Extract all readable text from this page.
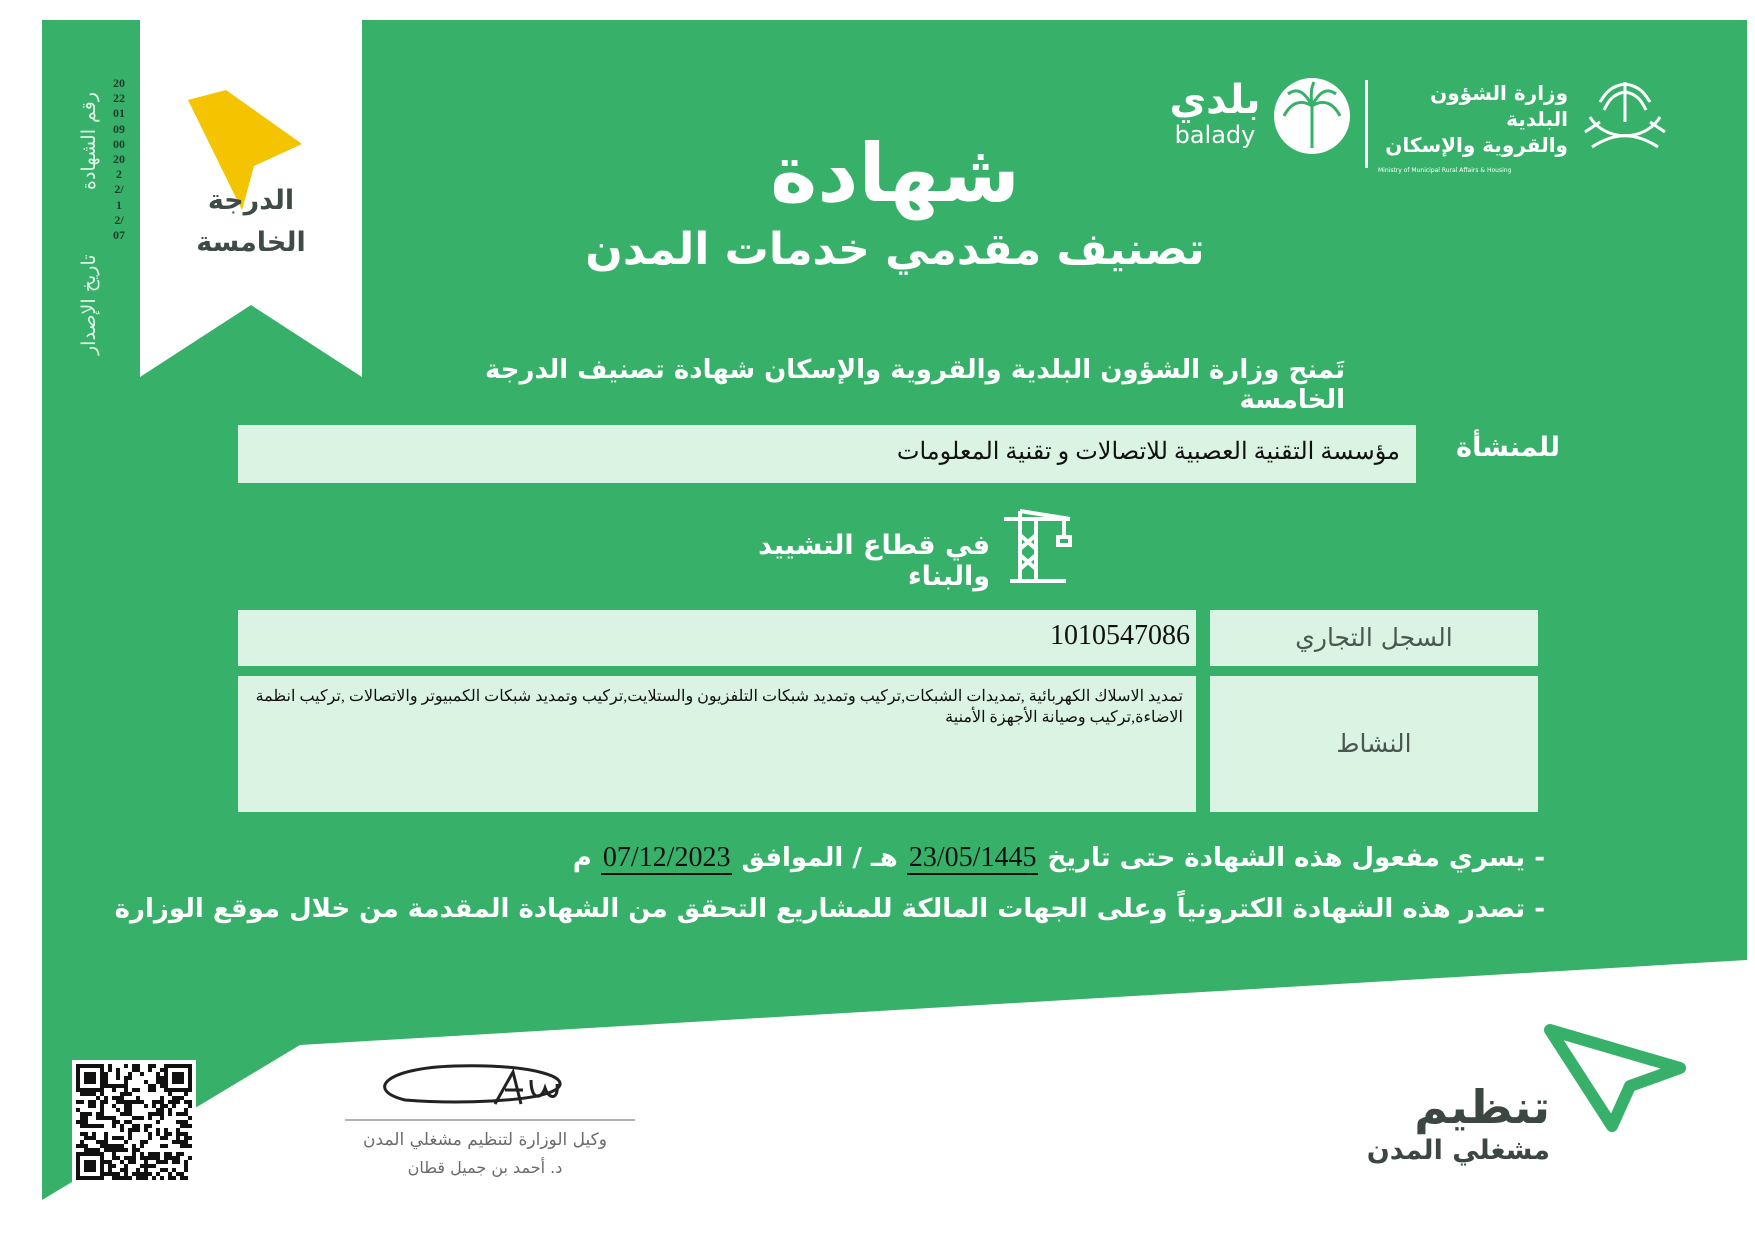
رقم الشهادة
تاريخ الإصدار
2022010900 2022/12/07
الدرجة
الخامسة
شهادة
تصنيف مقدمي خدمات المدن
وزارة الشؤون البلدية
والقروية والإسكان
Ministry of Municipal Rural Affairs & Housing
بلدي
balady
تَمنح وزارة الشؤون البلدية والقروية والإسكان شهادة تصنيف الدرجة الخامسة
للمنشأة
مؤسسة التقنية العصبية للاتصالات و تقنية المعلومات
في قطاع التشييد والبناء
1010547086	السجل التجاري
تمديد الاسلاك الكهربائية ,تمديدات الشبكات,تركيب وتمديد شبكات التلفزيون والستلايت,تركيب وتمديد شبكات الكمبيوتر والاتصالات ,تركيب انظمة الاضاءة,تركيب وصيانة الأجهزة الأمنية
النشاط
- يسري مفعول هذه الشهادة حتى تاريخ 23/05/1445 هـ / الموافق 07/12/2023 م
- تصدر هذه الشهادة الكترونياً وعلى الجهات المالكة للمشاريع التحقق من الشهادة المقدمة من خلال موقع الوزارة
وكيل الوزارة لتنظيم مشغلي المدن
د. أحمد بن جميل قطان
تنظيم
مشغلي المدن
